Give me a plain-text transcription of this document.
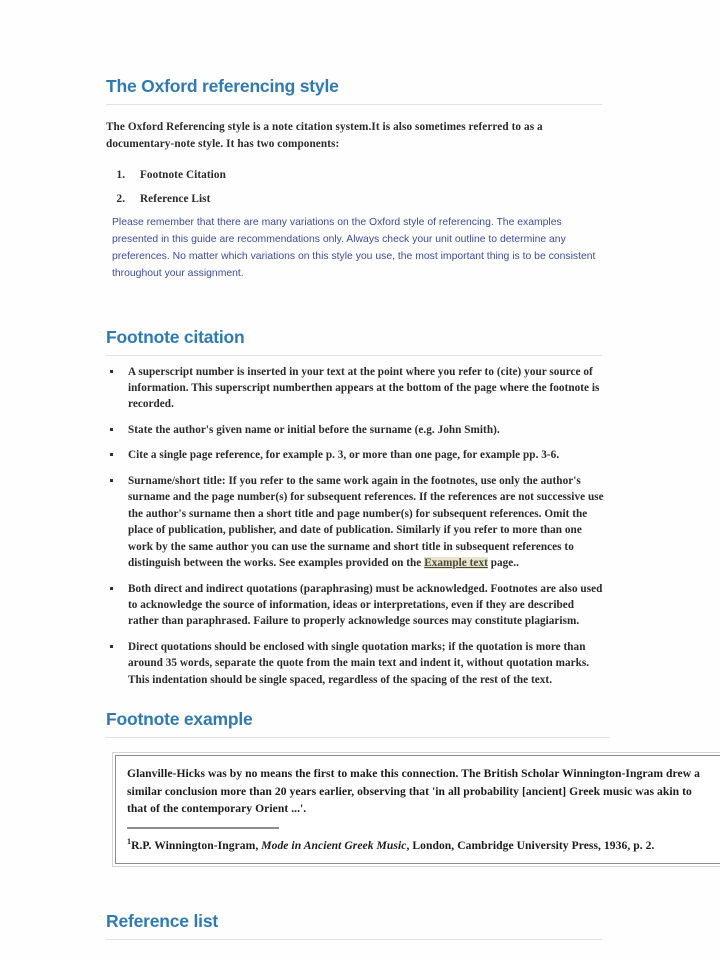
The Oxford referencing style

The Oxford Referencing style is a note citation system.It is also sometimes referred to as a documentary-note style. It has two components:

1. Footnote Citation
2. Reference List

Please remember that there are many variations on the Oxford style of referencing. The examples presented in this guide are recommendations only. Always check your unit outline to determine any preferences. No matter which variations on this style you use, the most important thing is to be consistent throughout your assignment.

Footnote citation
A superscript number is inserted in your text at the point where you refer to (cite) your source of information. This superscript numberthen appears at the bottom of the page where the footnote is recorded.
State the author's given name or initial before the surname (e.g. John Smith).
Cite a single page reference, for example p. 3, or more than one page, for example pp. 3-6.
Surname/short title: If you refer to the same work again in the footnotes, use only the author's surname and the page number(s) for subsequent references. If the references are not successive use the author's surname then a short title and page number(s) for subsequent references. Omit the place of publication, publisher, and date of publication. Similarly if you refer to more than one work by the same author you can use the surname and short title in subsequent references to distinguish between the works. See examples provided on the Example text page..
Both direct and indirect quotations (paraphrasing) must be acknowledged. Footnotes are also used to acknowledge the source of information, ideas or interpretations, even if they are described rather than paraphrased. Failure to properly acknowledge sources may constitute plagiarism.
Direct quotations should be enclosed with single quotation marks; if the quotation is more than around 35 words, separate the quote from the main text and indent it, without quotation marks. This indentation should be single spaced, regardless of the spacing of the rest of the text.
Footnote example
Glanville-Hicks was by no means the first to make this connection. The British Scholar Winnington-Ingram drew a
similar conclusion more than 20 years earlier, observing that 'in all probability [ancient] Greek music was akin to
that of the contemporary Orient ...'.
$^1$R.P. Winnington-Ingram, Mode in Ancient Greek Music, London, Cambridge University Press, 1936, p. 2.
Reference list
